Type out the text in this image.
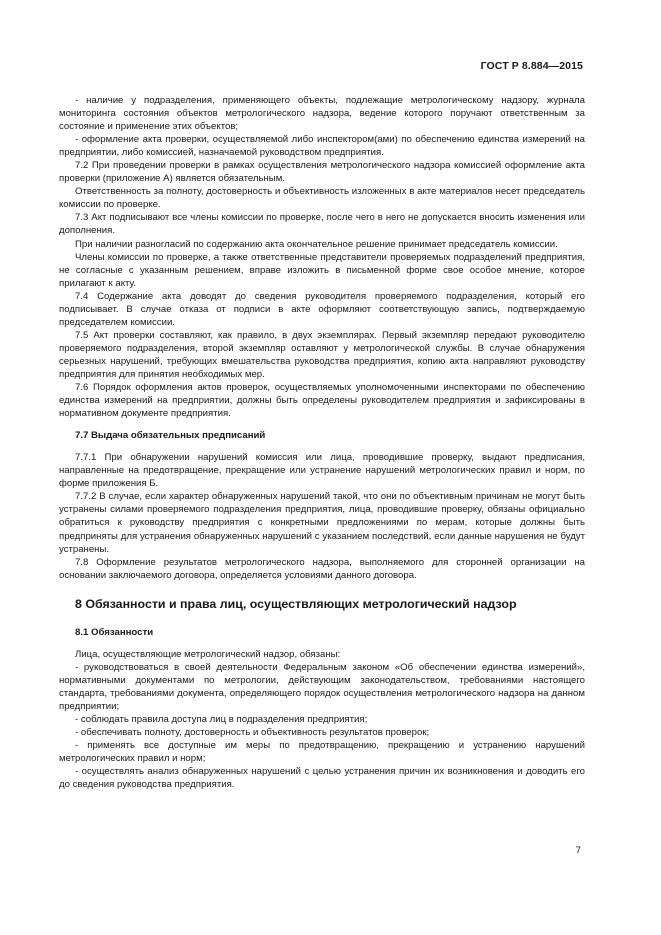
ГОСТ Р 8.884—2015

- наличие у подразделения, применяющего объекты, подлежащие метрологическому надзору, журнала мониторинга состояния объектов метрологического надзора, ведение которого поручают ответственным за состояние и применение этих объектов;

- оформление акта проверки, осуществляемой либо инспектором(ами) по обеспечению единства измерений на предприятии, либо комиссией, назначаемой руководством предприятия.

7.2 При проведении проверки в рамках осуществления метрологического надзора комиссией оформление акта проверки (приложение А) является обязательным.

Ответственность за полноту, достоверность и объективность изложенных в акте материалов несет председатель комиссии по проверке.

7.3 Акт подписывают все члены комиссии по проверке, после чего в него не допускается вносить изменения или дополнения.

При наличии разногласий по содержанию акта окончательное решение принимает председатель комиссии.

Члены комиссии по проверке, а также ответственные представители проверяемых подразделений предприятия, не согласные с указанным решением, вправе изложить в письменной форме свое особое мнение, которое прилагают к акту.

7.4 Содержание акта доводят до сведения руководителя проверяемого подразделения, который его подписывает. В случае отказа от подписи в акте оформляют соответствующую запись, подтверждаемую председателем комиссии.

7.5 Акт проверки составляют, как правило, в двух экземплярах. Первый экземпляр передают руководителю проверяемого подразделения, второй экземпляр оставляют у метрологической службы. В случае обнаружения серьезных нарушений, требующих вмешательства руководства предприятия, копию акта направляют руководству предприятия для принятия необходимых мер.

7.6 Порядок оформления актов проверок, осуществляемых уполномоченными инспекторами по обеспечению единства измерений на предприятии, должны быть определены руководителем предприятия и зафиксированы в нормативном документе предприятия.

7.7 Выдача обязательных предписаний

7.7.1 При обнаружении нарушений комиссия или лица, проводившие проверку, выдают предписания, направленные на предотвращение, прекращение или устранение нарушений метрологических правил и норм, по форме приложения Б.

7.7.2 В случае, если характер обнаруженных нарушений такой, что они по объективным причинам не могут быть устранены силами проверяемого подразделения предприятия, лица, проводившие проверку, обязаны официально обратиться к руководству предприятия с конкретными предложениями по мерам, которые должны быть предприняты для устранения обнаруженных нарушений с указанием последствий, если данные нарушения не будут устранены.

7.8 Оформление результатов метрологического надзора, выполняемого для сторонней организации на основании заключаемого договора, определяется условиями данного договора.

8 Обязанности и права лиц, осуществляющих метрологический надзор

8.1 Обязанности

Лица, осуществляющие метрологический надзор, обязаны:

- руководствоваться в своей деятельности Федеральным законом «Об обеспечении единства измерений», нормативными документами по метрологии, действующим законодательством, требованиями настоящего стандарта, требованиями документа, определяющего порядок осуществления метрологического надзора на данном предприятии;

- соблюдать правила доступа лиц в подразделения предприятия;

- обеспечивать полноту, достоверность и объективность результатов проверок;

- применять все доступные им меры по предотвращению, прекращению и устранению нарушений метрологических правил и норм;

- осуществлять анализ обнаруженных нарушений с целью устранения причин их возникновения и доводить его до сведения руководства предприятия.

7
